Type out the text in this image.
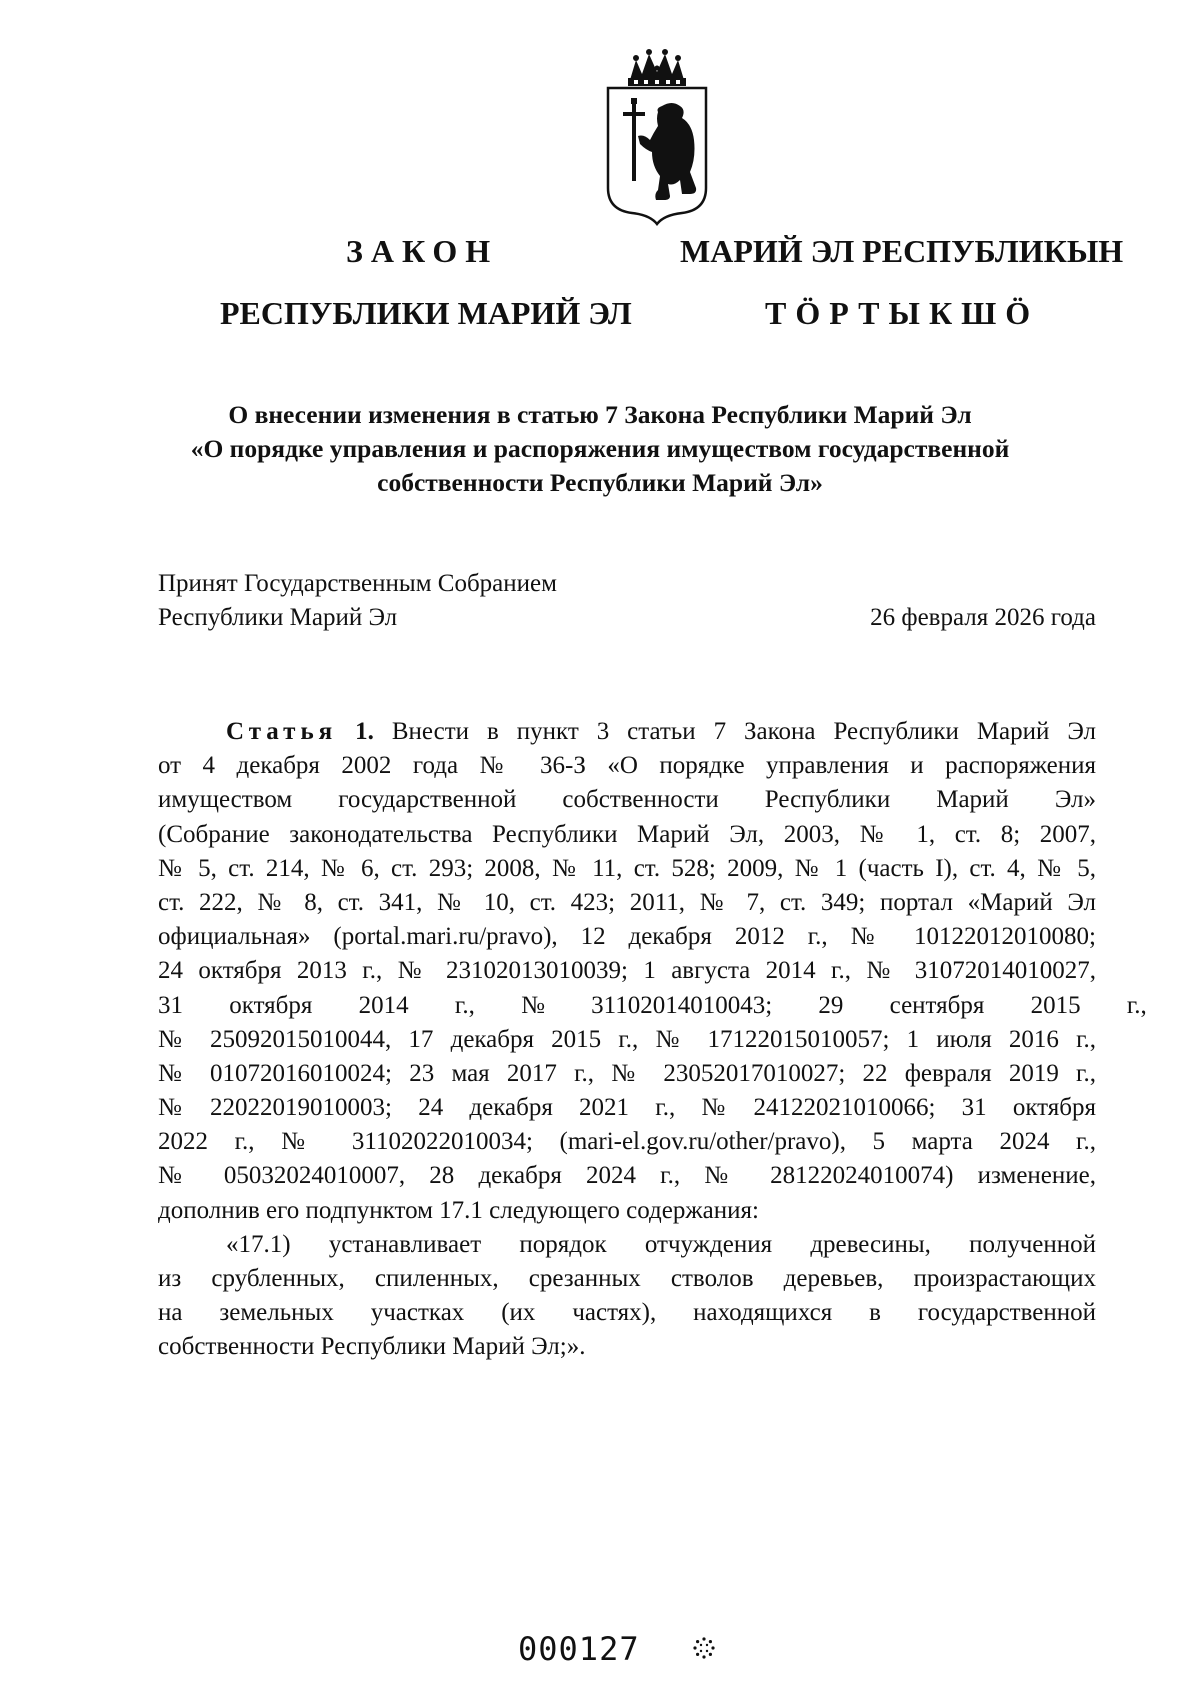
ЗАКОН	МАРИЙ ЭЛ РЕСПУБЛИКЫН
РЕСПУБЛИКИ МАРИЙ ЭЛ	ТӦРТЫКШӦ
О внесении изменения в статью 7 Закона Республики Марий Эл
«О порядке управления и распоряжения имуществом государственной
собственности Республики Марий Эл»
Принят Государственным Собранием
Республики Марий Эл	26 февраля 2026 года
Статья 1. Внести в пункт 3 статьи 7 Закона Республики Марий Эл
от 4 декабря 2002 года № 36-З «О порядке управления и распоряжения
имуществом государственной собственности Республики Марий Эл»
(Собрание законодательства Республики Марий Эл, 2003, № 1, ст. 8; 2007,
№ 5, ст. 214, № 6, ст. 293; 2008, № 11, ст. 528; 2009, № 1 (часть I), ст. 4, № 5,
ст. 222, № 8, ст. 341, № 10, ст. 423; 2011, № 7, ст. 349; портал «Марий Эл
официальная» (portal.mari.ru/pravo), 12 декабря 2012 г., № 10122012010080;
24 октября 2013 г., № 23102013010039; 1 августа 2014 г., № 31072014010027,
31 октября 2014 г., № 31102014010043; 29 сентября 2015 г.,
№ 25092015010044, 17 декабря 2015 г., № 17122015010057; 1 июля 2016 г.,
№ 01072016010024; 23 мая 2017 г., № 23052017010027; 22 февраля 2019 г.,
№ 22022019010003; 24 декабря 2021 г., № 24122021010066; 31 октября
2022 г., № 31102022010034; (mari-el.gov.ru/other/pravo), 5 марта 2024 г.,
№ 05032024010007, 28 декабря 2024 г., № 28122024010074) изменение,
дополнив его подпунктом 17.1 следующего содержания:
«17.1) устанавливает порядок отчуждения древесины, полученной
из срубленных, спиленных, срезанных стволов деревьев, произрастающих
на земельных участках (их частях), находящихся в государственной
собственности Республики Марий Эл;».
000127
